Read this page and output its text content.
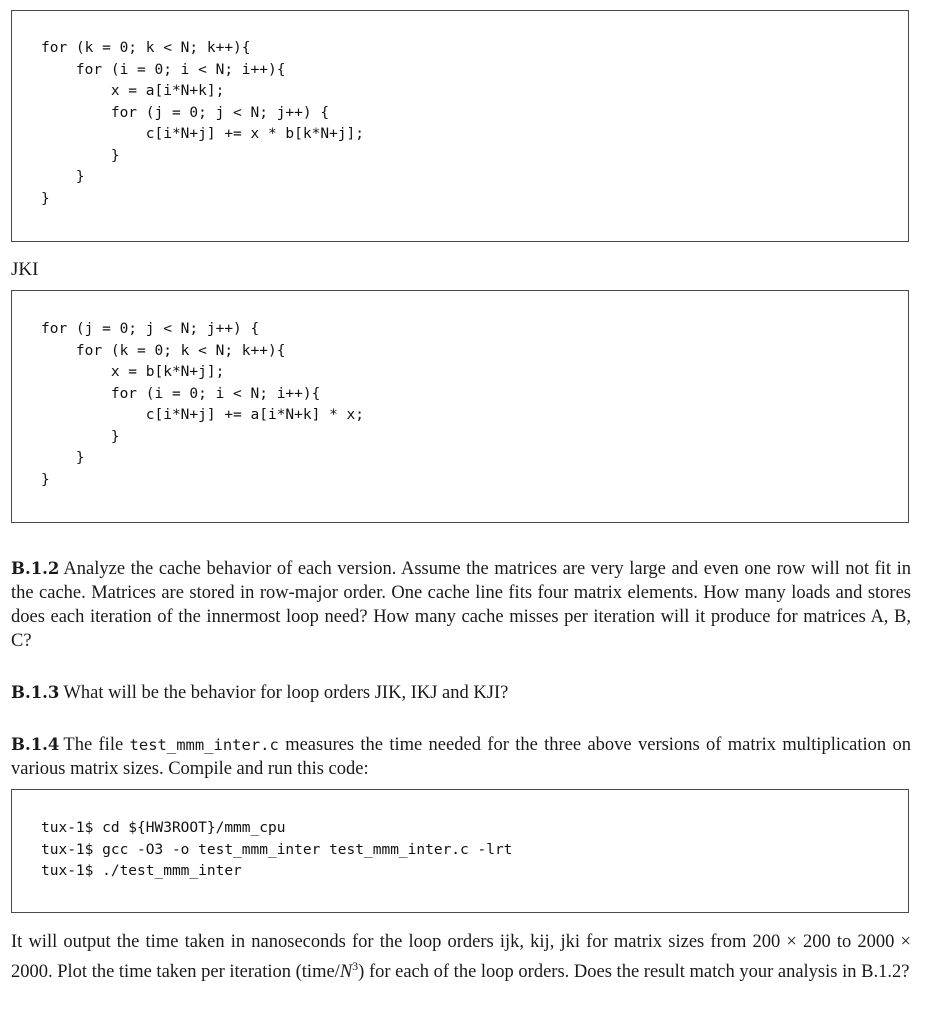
for (k = 0; k < N; k++){
for (i = 0; i < N; i++){
x = a[i*N+k];
for (j = 0; j < N; j++) {
c[i*N+j] += x * b[k*N+j];
}
}
}
JKI
for (j = 0; j < N; j++) {
for (k = 0; k < N; k++){
x = b[k*N+j];
for (i = 0; i < N; i++){
c[i*N+j] += a[i*N+k] * x;
}
}
}

B.1.2 Analyze the cache behavior of each version. Assume the matrices are very large and even one row will not fit in the cache. Matrices are stored in row-major order. One cache line fits four matrix elements. How many loads and stores does each iteration of the innermost loop need? How many cache misses per iteration will it produce for matrices A, B, C?

B.1.3 What will be the behavior for loop orders JIK, IKJ and KJI?

B.1.4 The file test_mmm_inter.c measures the time needed for the three above versions of matrix multiplication on various matrix sizes. Compile and run this code:

tux-1$ cd ${HW3ROOT}/mmm_cpu
tux-1$ gcc -O3 -o test_mmm_inter test_mmm_inter.c -lrt
tux-1$ ./test_mmm_inter

It will output the time taken in nanoseconds for the loop orders ijk, kij, jki for matrix sizes from 200 × 200 to 2000 × 2000. Plot the time taken per iteration $(time/N^3)$ for each of the loop orders. Does the result match your analysis in B.1.2?
